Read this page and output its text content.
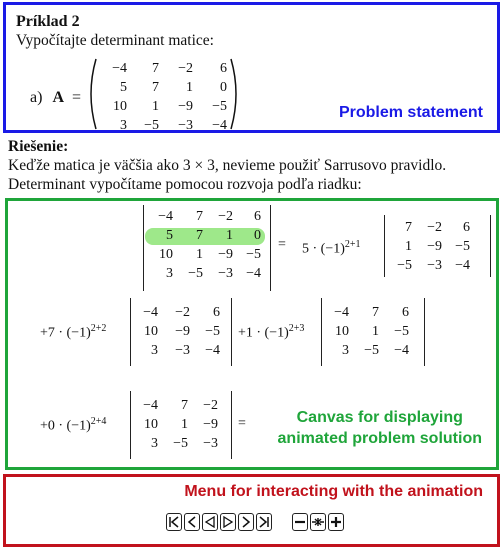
Príklad 2
Vypočítajte determinant matice:
a) A =
−4	7	−2	6
5	7	1	0
10	1	−9	−5
3	−5	−3	−4
Problem statement
Riešenie:
Keďže matica je väčšia ako 3 × 3, nevieme použiť Sarrusovo pravidlo. Determinant vypočítame pomocou rozvoja podľa riadku:
−4	7	−2	6
5	7	1	0
10	1	−9 −5
3	−5	−3 −4
= $5 \cdot (-1)^{2+1}$
7	−2	6
1	−9 −5
−5	−3 −4
$+7 \cdot (-1)^{2+2}$
−4	−2	6
10	−9	−5
3	−3	−4
$+1 \cdot (-1)^{2+3}$
−4	7	6
10	1	−5
3	−5	−4
$+0 \cdot (-1)^{2+4}$
−4	7	−2
10	1	−9
3	−5	−3
=	Canvas for displaying
animated problem solution
Menu for interacting with the animation
